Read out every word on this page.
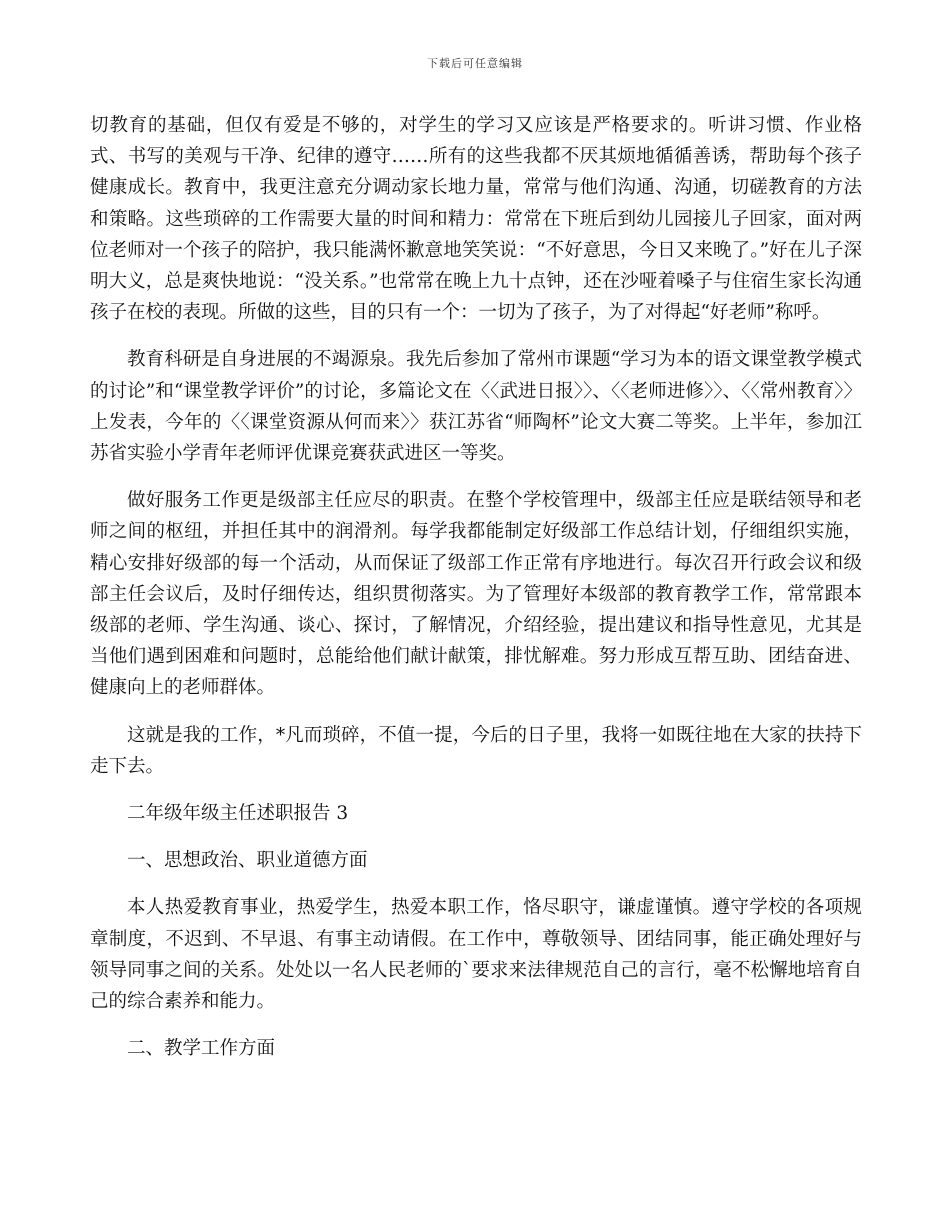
下载后可任意编辑

切教育的基础，但仅有爱是不够的，对学生的学习又应该是严格要求的。听讲习惯、作业格式、书写的美观与干净、纪律的遵守……所有的这些我都不厌其烦地循循善诱，帮助每个孩子健康成长。教育中，我更注意充分调动家长地力量，常常与他们沟通、沟通，切磋教育的方法和策略。这些琐碎的工作需要大量的时间和精力：常常在下班后到幼儿园接儿子回家，面对两位老师对一个孩子的陪护，我只能满怀歉意地笑笑说：“不好意思，今日又来晚了。”好在儿子深明大义，总是爽快地说：“没关系。”也常常在晚上九十点钟，还在沙哑着嗓子与住宿生家长沟通孩子在校的表现。所做的这些，目的只有一个：一切为了孩子，为了对得起“好老师”称呼。

教育科研是自身进展的不竭源泉。我先后参加了常州市课题“学习为本的语文课堂教学模式的讨论”和“课堂教学评价”的讨论，多篇论文在〈〈武进日报〉〉、〈〈老师进修〉〉、〈〈常州教育〉〉上发表，今年的〈〈课堂资源从何而来〉〉获江苏省“师陶杯”论文大赛二等奖。上半年，参加江苏省实验小学青年老师评优课竞赛获武进区一等奖。

做好服务工作更是级部主任应尽的职责。在整个学校管理中，级部主任应是联结领导和老师之间的枢纽，并担任其中的润滑剂。每学我都能制定好级部工作总结计划，仔细组织实施，精心安排好级部的每一个活动，从而保证了级部工作正常有序地进行。每次召开行政会议和级部主任会议后，及时仔细传达，组织贯彻落实。为了管理好本级部的教育教学工作，常常跟本级部的老师、学生沟通、谈心、探讨，了解情况，介绍经验，提出建议和指导性意见，尤其是当他们遇到困难和问题时，总能给他们献计献策，排忧解难。努力形成互帮互助、团结奋进、健康向上的老师群体。

这就是我的工作，*凡而琐碎，不值一提，今后的日子里，我将一如既往地在大家的扶持下走下去。

二年级年级主任述职报告 3

一、思想政治、职业道德方面

本人热爱教育事业，热爱学生，热爱本职工作，恪尽职守，谦虚谨慎。遵守学校的各项规章制度，不迟到、不早退、有事主动请假。在工作中，尊敬领导、团结同事，能正确处理好与领导同事之间的关系。处处以一名人民老师的`要求来法律规范自己的言行，毫不松懈地培育自己的综合素养和能力。

二、教学工作方面
